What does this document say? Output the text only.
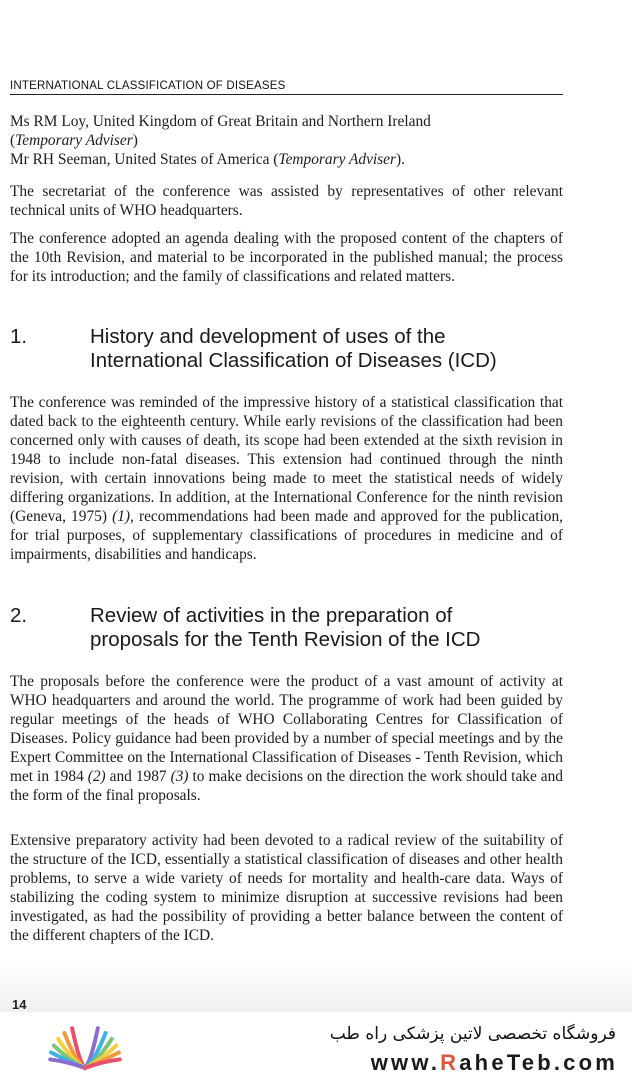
INTERNATIONAL CLASSIFICATION OF DISEASES
Ms RM Loy, United Kingdom of Great Britain and Northern Ireland
(Temporary Adviser)
Mr RH Seeman, United States of America (Temporary Adviser).

The secretariat of the conference was assisted by representatives of other relevant technical units of WHO headquarters.

The conference adopted an agenda dealing with the proposed content of the chapters of the 10th Revision, and material to be incorporated in the published manual; the process for its introduction; and the family of classifications and related matters.

1.	History and development of uses of the
International Classification of Diseases (ICD)

The conference was reminded of the impressive history of a statistical classification that dated back to the eighteenth century. While early revisions of the classification had been concerned only with causes of death, its scope had been extended at the sixth revision in 1948 to include non-fatal diseases. This extension had continued through the ninth revision, with certain innovations being made to meet the statistical needs of widely differing organizations. In addition, at the International Conference for the ninth revision (Geneva, 1975) (1), recommendations had been made and approved for the publication, for trial purposes, of supplementary classifications of procedures in medicine and of impairments, disabilities and handicaps.

2.	Review of activities in the preparation of
proposals for the Tenth Revision of the ICD

The proposals before the conference were the product of a vast amount of activity at WHO headquarters and around the world. The programme of work had been guided by regular meetings of the heads of WHO Collaborating Centres for Classification of Diseases. Policy guidance had been provided by a number of special meetings and by the Expert Committee on the International Classification of Diseases - Tenth Revision, which met in 1984 (2) and 1987 (3) to make decisions on the direction the work should take and the form of the final proposals.

Extensive preparatory activity had been devoted to a radical review of the suitability of the structure of the ICD, essentially a statistical classification of diseases and other health problems, to serve a wide variety of needs for mortality and health-care data. Ways of stabilizing the coding system to minimize disruption at successive revisions had been investigated, as had the possibility of providing a better balance between the content of the different chapters of the ICD.

14
فروشگاه تخصصی لاتین پزشکی راه طب
www.RaheTeb.com
